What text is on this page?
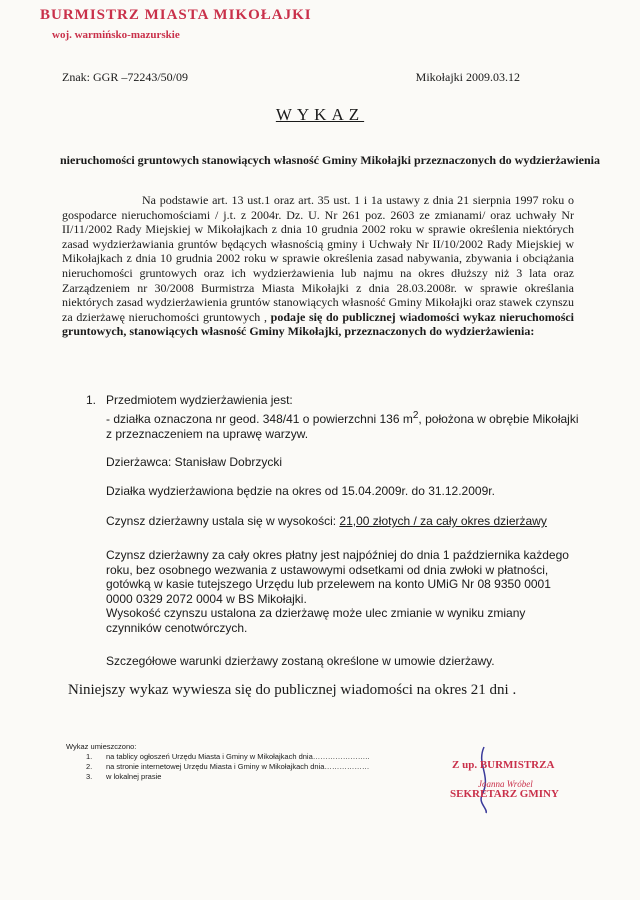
BURMISTRZ MIASTA MIKOŁAJKI
woj. warmińsko-mazurskie
Znak: GGR –72243/50/09	Mikołajki 2009.03.12
WYKAZ
nieruchomości gruntowych stanowiących własność Gminy Mikołajki przeznaczonych do wydzierżawienia
Na podstawie art. 13 ust.1 oraz art. 35 ust. 1 i 1a ustawy z dnia 21 sierpnia 1997 roku o gospodarce nieruchomościami / j.t. z 2004r. Dz. U. Nr 261 poz. 2603 ze zmianami/ oraz uchwały Nr II/11/2002 Rady Miejskiej w Mikołajkach z dnia 10 grudnia 2002 roku w sprawie określenia niektórych zasad wydzierżawiania gruntów będących własnością gminy i Uchwały Nr II/10/2002 Rady Miejskiej w Mikołajkach z dnia 10 grudnia 2002 roku w sprawie określenia zasad nabywania, zbywania i obciążania nieruchomości gruntowych oraz ich wydzierżawienia lub najmu na okres dłuższy niż 3 lata oraz Zarządzeniem nr 30/2008 Burmistrza Miasta Mikołajki z dnia 28.03.2008r. w sprawie określania niektórych zasad wydzierżawienia gruntów stanowiących własność Gminy Mikołajki oraz stawek czynszu za dzierżawę nieruchomości gruntowych , podaje się do publicznej wiadomości wykaz nieruchomości gruntowych, stanowiących własność Gminy Mikołajki, przeznaczonych do wydzierżawienia:
1. Przedmiotem wydzierżawienia jest:
- działka oznaczona nr geod. 348/41 o powierzchni 136 $m^2$, położona w obrębie Mikołajki z przeznaczeniem na uprawę warzyw.
Dzierżawca: Stanisław Dobrzycki
Działka wydzierżawiona będzie na okres od 15.04.2009r. do 31.12.2009r.
Czynsz dzierżawny ustala się w wysokości: 21,00 złotych / za cały okres dzierżawy
Czynsz dzierżawny za cały okres płatny jest najpóźniej do dnia 1 października każdego roku, bez osobnego wezwania z ustawowymi odsetkami od dnia zwłoki w płatności, gotówką w kasie tutejszego Urzędu lub przelewem na konto UMiG Nr 08 9350 0001 0000 0329 2072 0004 w BS Mikołajki.
Wysokość czynszu ustalona za dzierżawę może ulec zmianie w wyniku zmiany czynników cenotwórczych.
Szczegółowe warunki dzierżawy zostaną określone w umowie dzierżawy.
Niniejszy wykaz wywiesza się do publicznej wiadomości na okres 21 dni .
Wykaz umieszczono:
1. na tablicy ogłoszeń Urzędu Miasta i Gminy w Mikołajkach dnia…………………..
2. na stronie internetowej Urzędu Miasta i Gminy w Mikołajkach dnia………………
3. w lokalnej prasie
Z up. BURMISTRZA
Joanna Wróbel
SEKRETARZ GMINY
